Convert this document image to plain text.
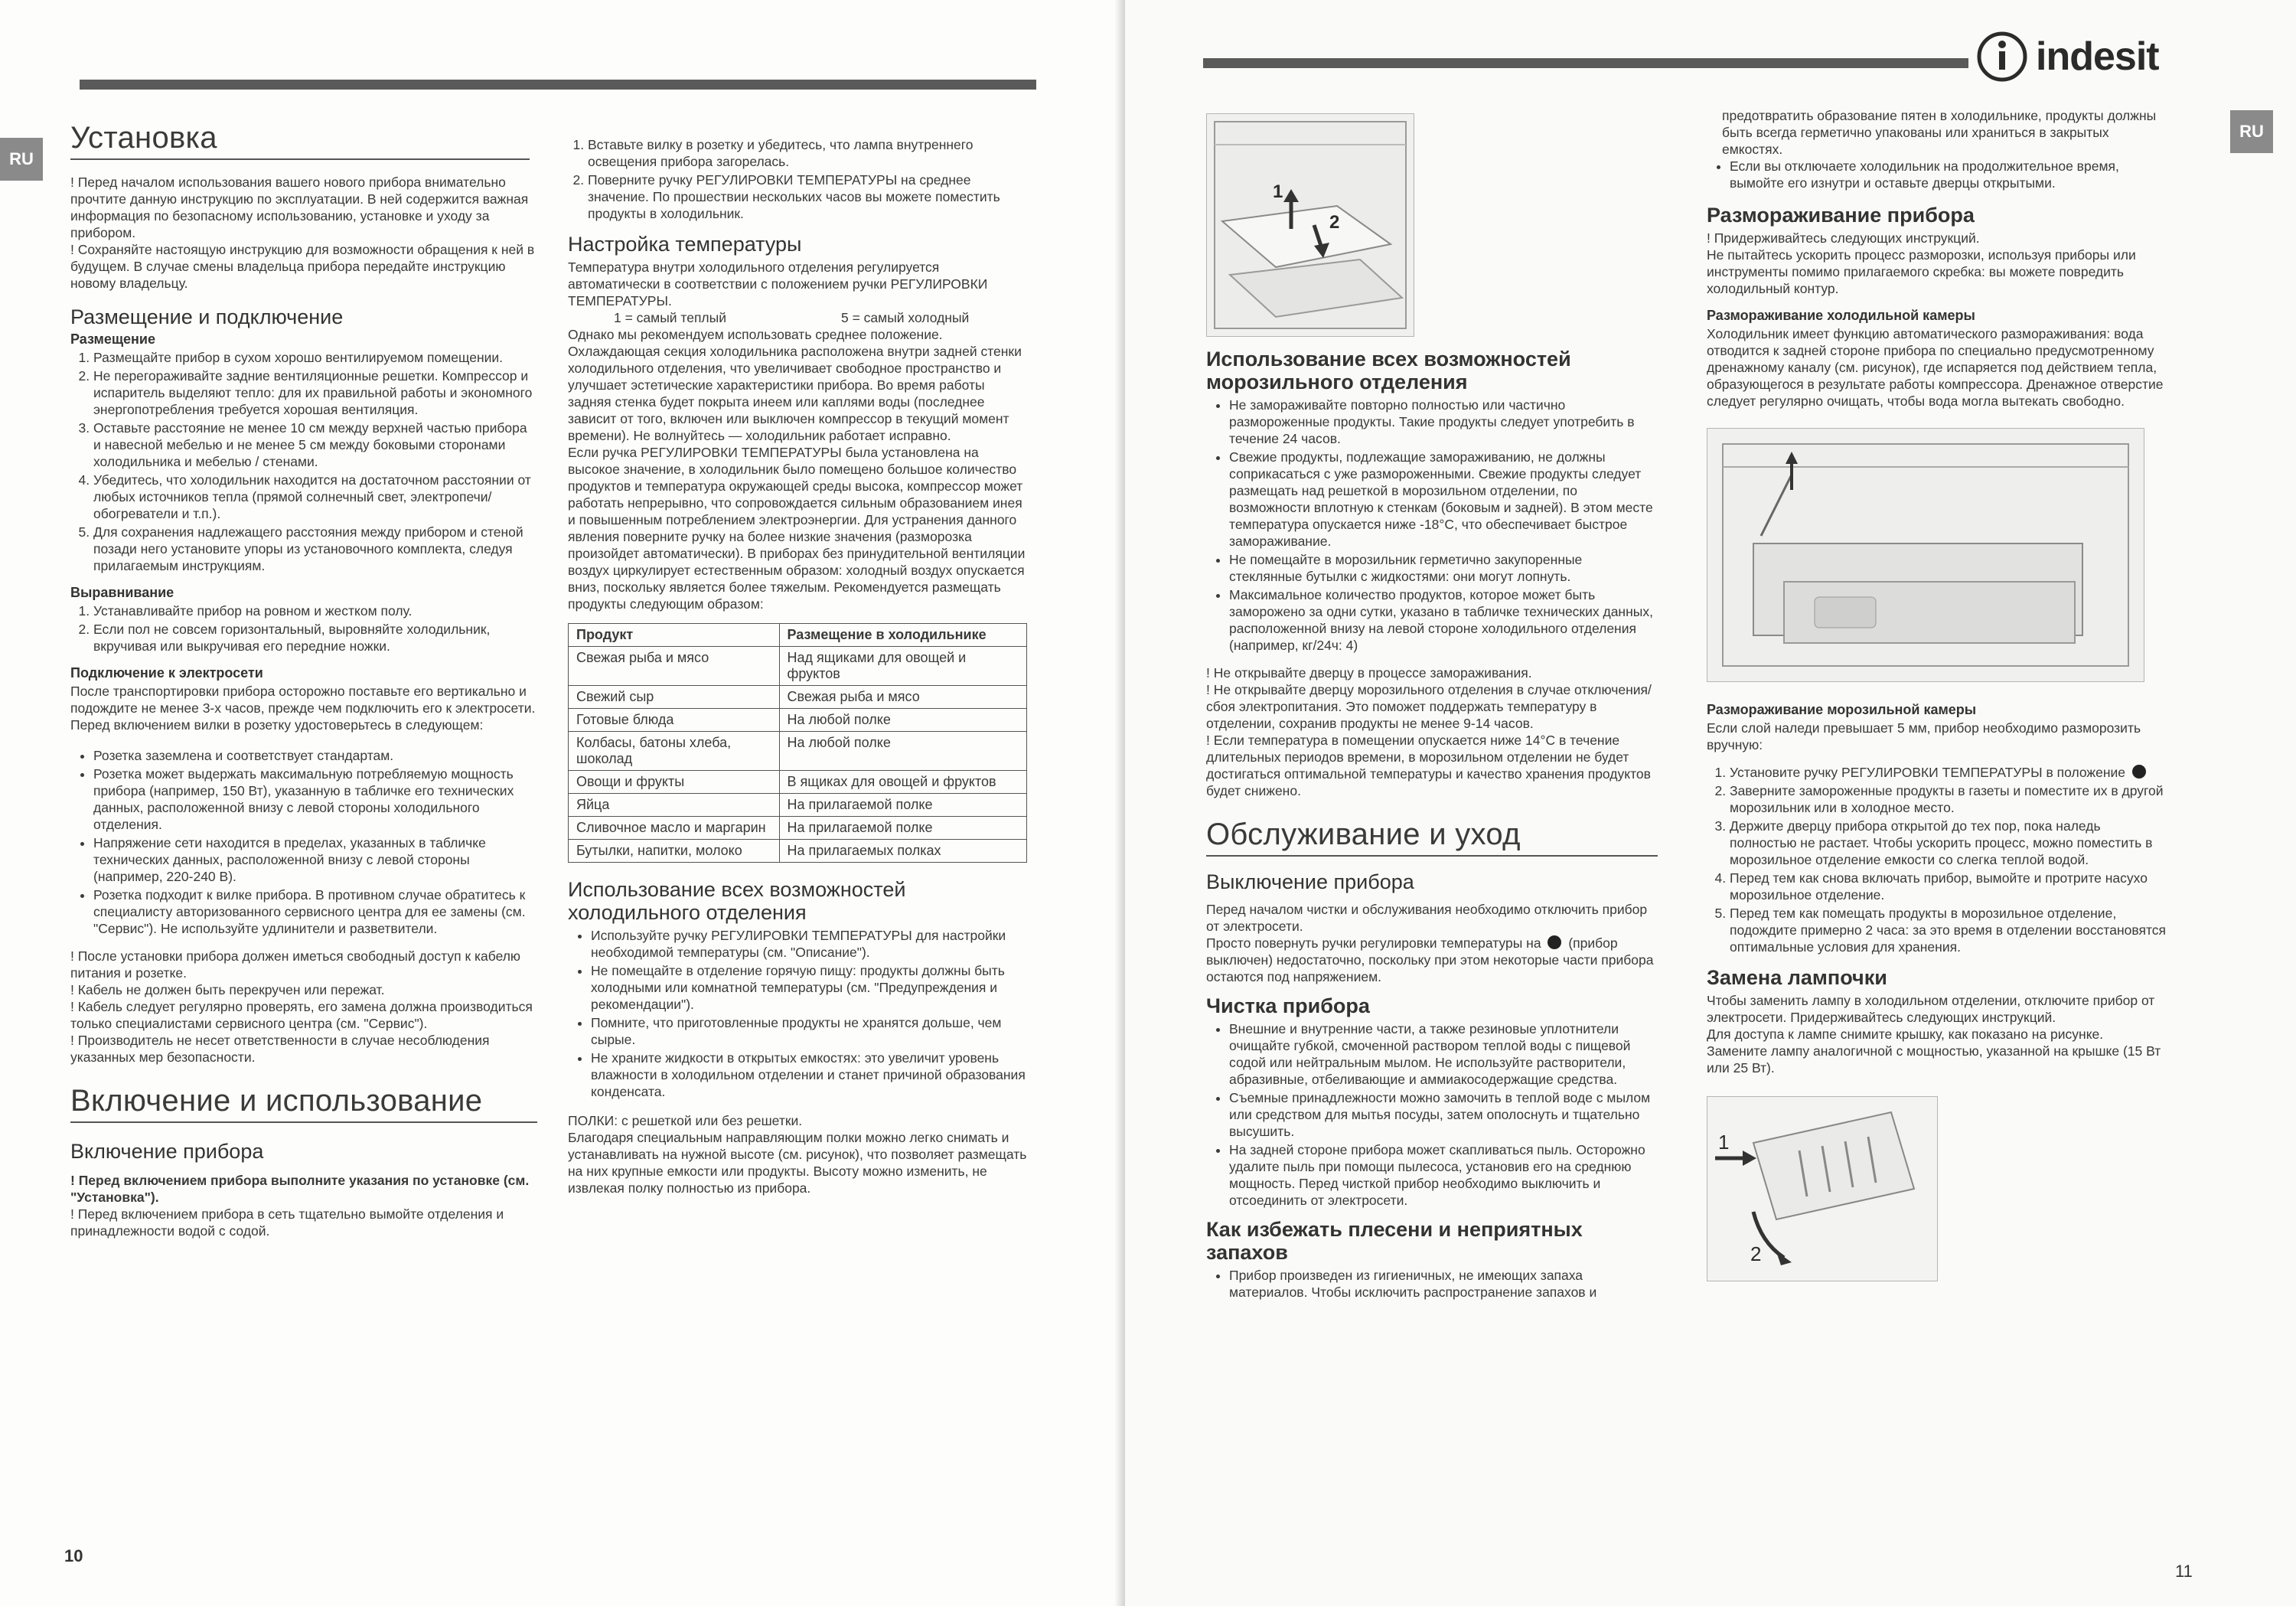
RU
Установка

! Перед началом использования вашего нового прибора внимательно прочтите данную инструкцию по эксплуатации. В ней содержится важная информация по безопасному использованию, установке и уходу за прибором.

! Сохраняйте настоящую инструкцию для возможности обращения к ней в будущем. В случае смены владельца прибора передайте инструкцию новому владельцу.

Размещение и подключение
Размещение
1. Размещайте прибор в сухом хорошо вентилируемом помещении.
2. Не перегораживайте задние вентиляционные решетки. Компрессор и испаритель выделяют тепло: для их правильной работы и экономного энергопотребления требуется хорошая вентиляция.
3. Оставьте расстояние не менее 10 см между верхней частью прибора и навесной мебелью и не менее 5 см между боковыми сторонами холодильника и мебелью / стенами.
4. Убедитесь, что холодильник находится на достаточном расстоянии от любых источников тепла (прямой солнечный свет, электропечи/обогреватели и т.п.).
5. Для сохранения надлежащего расстояния между прибором и стеной позади него установите упоры из установочного комплекта, следуя прилагаемым инструкциям.
Выравнивание
1. Устанавливайте прибор на ровном и жестком полу.
2. Если пол не совсем горизонтальный, выровняйте холодильник, вкручивая или выкручивая его передние ножки.
Подключение к электросети

После транспортировки прибора осторожно поставьте его вертикально и подождите не менее 3-х часов, прежде чем подключить его к электросети. Перед включением вилки в розетку удостоверьтесь в следующем:

• Розетка заземлена и соответствует стандартам.
• Розетка может выдержать максимальную потребляемую мощность прибора (например, 150 Вт), указанную в табличке его технических данных, расположенной внизу с левой стороны холодильного отделения.
• Напряжение сети находится в пределах, указанных в табличке технических данных, расположенной внизу с левой стороны (например, 220-240 В).
• Розетка подходит к вилке прибора. В противном случае обратитесь к специалисту авторизованного сервисного центра для ее замены (см. "Сервис"). Не используйте удлинители и разветвители.

! После установки прибора должен иметься свободный доступ к кабелю питания и розетке.

! Кабель не должен быть перекручен или пережат.

! Кабель следует регулярно проверять, его замена должна производиться только специалистами сервисного центра (см. "Сервис").

! Производитель не несет ответственности в случае несоблюдения указанных мер безопасности.

Включение и использование
Включение прибора

! Перед включением прибора выполните указания по установке (см. "Установка").

! Перед включением прибора в сеть тщательно вымойте отделения и принадлежности водой с содой.

1. Вставьте вилку в розетку и убедитесь, что лампа внутреннего освещения прибора загорелась.
2. Поверните ручку РЕГУЛИРОВКИ ТЕМПЕРАТУРЫ на среднее значение. По прошествии нескольких часов вы можете поместить продукты в холодильник.
Настройка температуры

Температура внутри холодильного отделения регулируется автоматически в соответствии с положением ручки РЕГУЛИРОВКИ ТЕМПЕРАТУРЫ.

1 = самый теплый	5 = самый холодный

Однако мы рекомендуем использовать среднее положение. Охлаждающая секция холодильника расположена внутри задней стенки холодильного отделения, что увеличивает свободное пространство и улучшает эстетические характеристики прибора. Во время работы задняя стенка будет покрыта инеем или каплями воды (последнее зависит от того, включен или выключен компрессор в текущий момент времени). Не волнуйтесь — холодильник работает исправно.

Если ручка РЕГУЛИРОВКИ ТЕМПЕРАТУРЫ была установлена на высокое значение, в холодильник было помещено большое количество продуктов и температура окружающей среды высока, компрессор может работать непрерывно, что сопровождается сильным образованием инея и повышенным потреблением электроэнергии. Для устранения данного явления поверните ручку на более низкие значения (разморозка произойдет автоматически). В приборах без принудительной вентиляции воздух циркулирует естественным образом: холодный воздух опускается вниз, поскольку является более тяжелым. Рекомендуется размещать продукты следующим образом:

Продукт	Размещение в холодильнике
Свежая рыба и мясо	Над ящиками для овощей и фруктов
Свежий сыр	Свежая рыба и мясо
Готовые блюда	На любой полке
Колбасы, батоны хлеба, шоколад	На любой полке
Овощи и фрукты	В ящиках для овощей и фруктов
Яйца	На прилагаемой полке
Сливочное масло и маргарин	На прилагаемой полке
Бутылки, напитки, молоко	На прилагаемых полках
Использование всех возможностей холодильного отделения
• Используйте ручку РЕГУЛИРОВКИ ТЕМПЕРАТУРЫ для настройки необходимой температуры (см. "Описание").
• Не помещайте в отделение горячую пищу: продукты должны быть холодными или комнатной температуры (см. "Предупреждения и рекомендации").
• Помните, что приготовленные продукты не хранятся дольше, чем сырые.
• Не храните жидкости в открытых емкостях: это увеличит уровень влажности в холодильном отделении и станет причиной образования конденсата.

ПОЛКИ: с решеткой или без решетки.

Благодаря специальным направляющим полки можно легко снимать и устанавливать на нужной высоте (см. рисунок), что позволяет размещать на них крупные емкости или продукты. Высоту можно изменить, не извлекая полку полностью из прибора.

10
indesit
RU
1
2
Использование всех возможностей морозильного отделения
• Не замораживайте повторно полностью или частично размороженные продукты. Такие продукты следует употребить в течение 24 часов.
• Свежие продукты, подлежащие замораживанию, не должны соприкасаться с уже размороженными. Свежие продукты следует размещать над решеткой в морозильном отделении, по возможности вплотную к стенкам (боковым и задней). В этом месте температура опускается ниже -18°С, что обеспечивает быстрое замораживание.
• Не помещайте в морозильник герметично закупоренные стеклянные бутылки с жидкостями: они могут лопнуть.
• Максимальное количество продуктов, которое может быть заморожено за одни сутки, указано в табличке технических данных, расположенной внизу на левой стороне холодильного отделения (например, кг/24ч: 4)

! Не открывайте дверцу в процессе замораживания.

! Не открывайте дверцу морозильного отделения в случае отключения/сбоя электропитания. Это поможет поддержать температуру в отделении, сохранив продукты не менее 9-14 часов.

! Если температура в помещении опускается ниже 14°С в течение длительных периодов времени, в морозильном отделении не будет достигаться оптимальной температуры и качество хранения продуктов будет снижено.

Обслуживание и уход
Выключение прибора

Перед началом чистки и обслуживания необходимо отключить прибор от электросети.

Просто повернуть ручки регулировки температуры на (прибор выключен) недостаточно, поскольку при этом некоторые части прибора остаются под напряжением.

Чистка прибора
• Внешние и внутренние части, а также резиновые уплотнители очищайте губкой, смоченной раствором теплой воды с пищевой содой или нейтральным мылом. Не используйте растворители, абразивные, отбеливающие и аммиакосодержащие средства.
• Съемные принадлежности можно замочить в теплой воде с мылом или средством для мытья посуды, затем ополоснуть и тщательно высушить.
• На задней стороне прибора может скапливаться пыль. Осторожно удалите пыль при помощи пылесоса, установив его на среднюю мощность. Перед чисткой прибор необходимо выключить и отсоединить от электросети.
Как избежать плесени и неприятных запахов
• Прибор произведен из гигиеничных, не имеющих запаха материалов. Чтобы исключить распространение запахов и

предотвратить образование пятен в холодильнике, продукты должны быть всегда герметично упакованы или храниться в закрытых емкостях.

• Если вы отключаете холодильник на продолжительное время, вымойте его изнутри и оставьте дверцы открытыми.
Размораживание прибора

! Придерживайтесь следующих инструкций.

Не пытайтесь ускорить процесс разморозки, используя приборы или инструменты помимо прилагаемого скребка: вы можете повредить холодильный контур.

Размораживание холодильной камеры

Холодильник имеет функцию автоматического размораживания: вода отводится к задней стороне прибора по специально предусмотренному дренажному каналу (см. рисунок), где испаряется под действием тепла, образующегося в результате работы компрессора. Дренажное отверстие следует регулярно очищать, чтобы вода могла вытекать свободно.

Размораживание морозильной камеры

Если слой наледи превышает 5 мм, прибор необходимо разморозить вручную:

1. Установите ручку РЕГУЛИРОВКИ ТЕМПЕРАТУРЫ в положение
2. Заверните замороженные продукты в газеты и поместите их в другой морозильник или в холодное место.
3. Держите дверцу прибора открытой до тех пор, пока наледь полностью не растает. Чтобы ускорить процесс, можно поместить в морозильное отделение емкости со слегка теплой водой.
4. Перед тем как снова включать прибор, вымойте и протрите насухо морозильное отделение.
5. Перед тем как помещать продукты в морозильное отделение, подождите примерно 2 часа: за это время в отделении восстановятся оптимальные условия для хранения.
Замена лампочки

Чтобы заменить лампу в холодильном отделении, отключите прибор от электросети. Придерживайтесь следующих инструкций.

Для доступа к лампе снимите крышку, как показано на рисунке. Замените лампу аналогичной с мощностью, указанной на крышке (15 Вт или 25 Вт).

1
2
11
